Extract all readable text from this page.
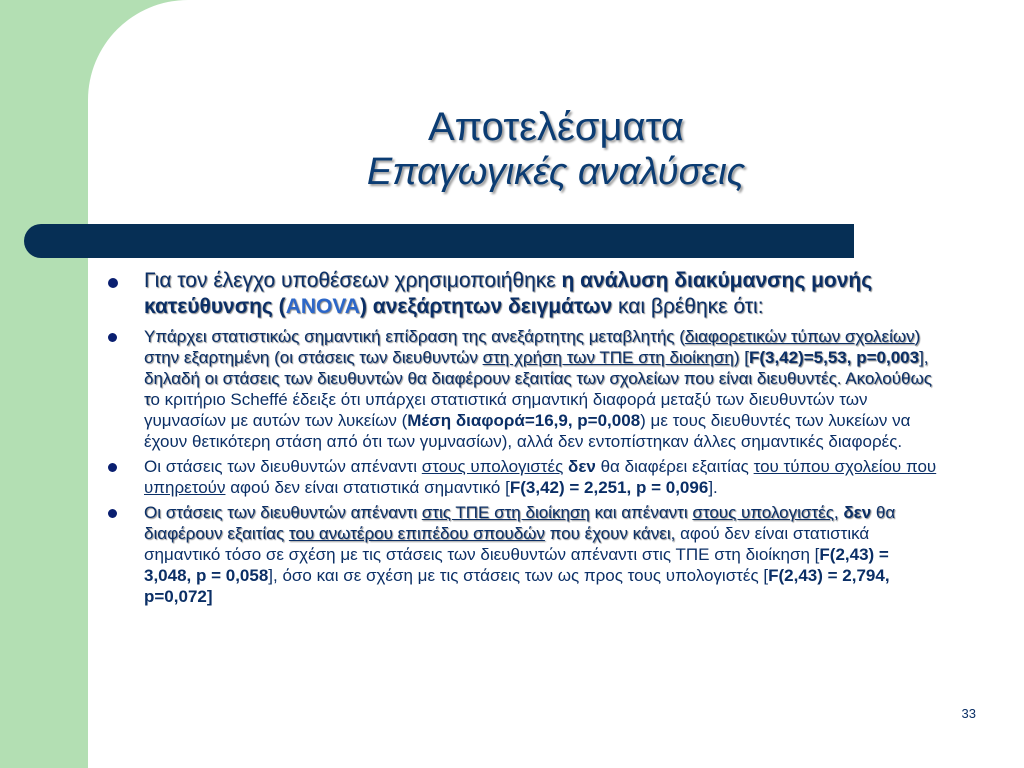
Αποτελέσματα
Επαγωγικές αναλύσεις
Για τον έλεγχο υποθέσεων χρησιμοποιήθηκε η ανάλυση διακύμανσης μονής κατεύθυνσης (ANOVA) ανεξάρτητων δειγμάτων και βρέθηκε ότι:
Υπάρχει στατιστικώς σημαντική επίδραση της ανεξάρτητης μεταβλητής (διαφορετικών τύπων σχολείων) στην εξαρτημένη (οι στάσεις των διευθυντών στη χρήση των ΤΠΕ στη διοίκηση) [F(3,42)=5,53, p=0,003], δηλαδή οι στάσεις των διευθυντών θα διαφέρουν εξαιτίας των σχολείων που είναι διευθυντές. Ακολούθως το κριτήριο Scheffé έδειξε ότι υπάρχει στατιστικά σημαντική διαφορά μεταξύ των διευθυντών των γυμνασίων με αυτών των λυκείων (Μέση διαφορά=16,9, p=0,008) με τους διευθυντές των λυκείων να έχουν θετικότερη στάση από ότι των γυμνασίων), αλλά δεν εντοπίστηκαν άλλες σημαντικές διαφορές.
Οι στάσεις των διευθυντών απέναντι στους υπολογιστές δεν θα διαφέρει εξαιτίας του τύπου σχολείου που υπηρετούν αφού δεν είναι στατιστικά σημαντικό [F(3,42) = 2,251, p = 0,096].
Οι στάσεις των διευθυντών απέναντι στις ΤΠΕ στη διοίκηση και απέναντι στους υπολογιστές, δεν θα διαφέρουν εξαιτίας του ανωτέρου επιπέδου σπουδών που έχουν κάνει, αφού δεν είναι στατιστικά σημαντικό τόσο σε σχέση με τις στάσεις των διευθυντών απέναντι στις ΤΠΕ στη διοίκηση [F(2,43) = 3,048, p = 0,058], όσο και σε σχέση με τις στάσεις των ως προς τους υπολογιστές [F(2,43) = 2,794, p=0,072]
33
